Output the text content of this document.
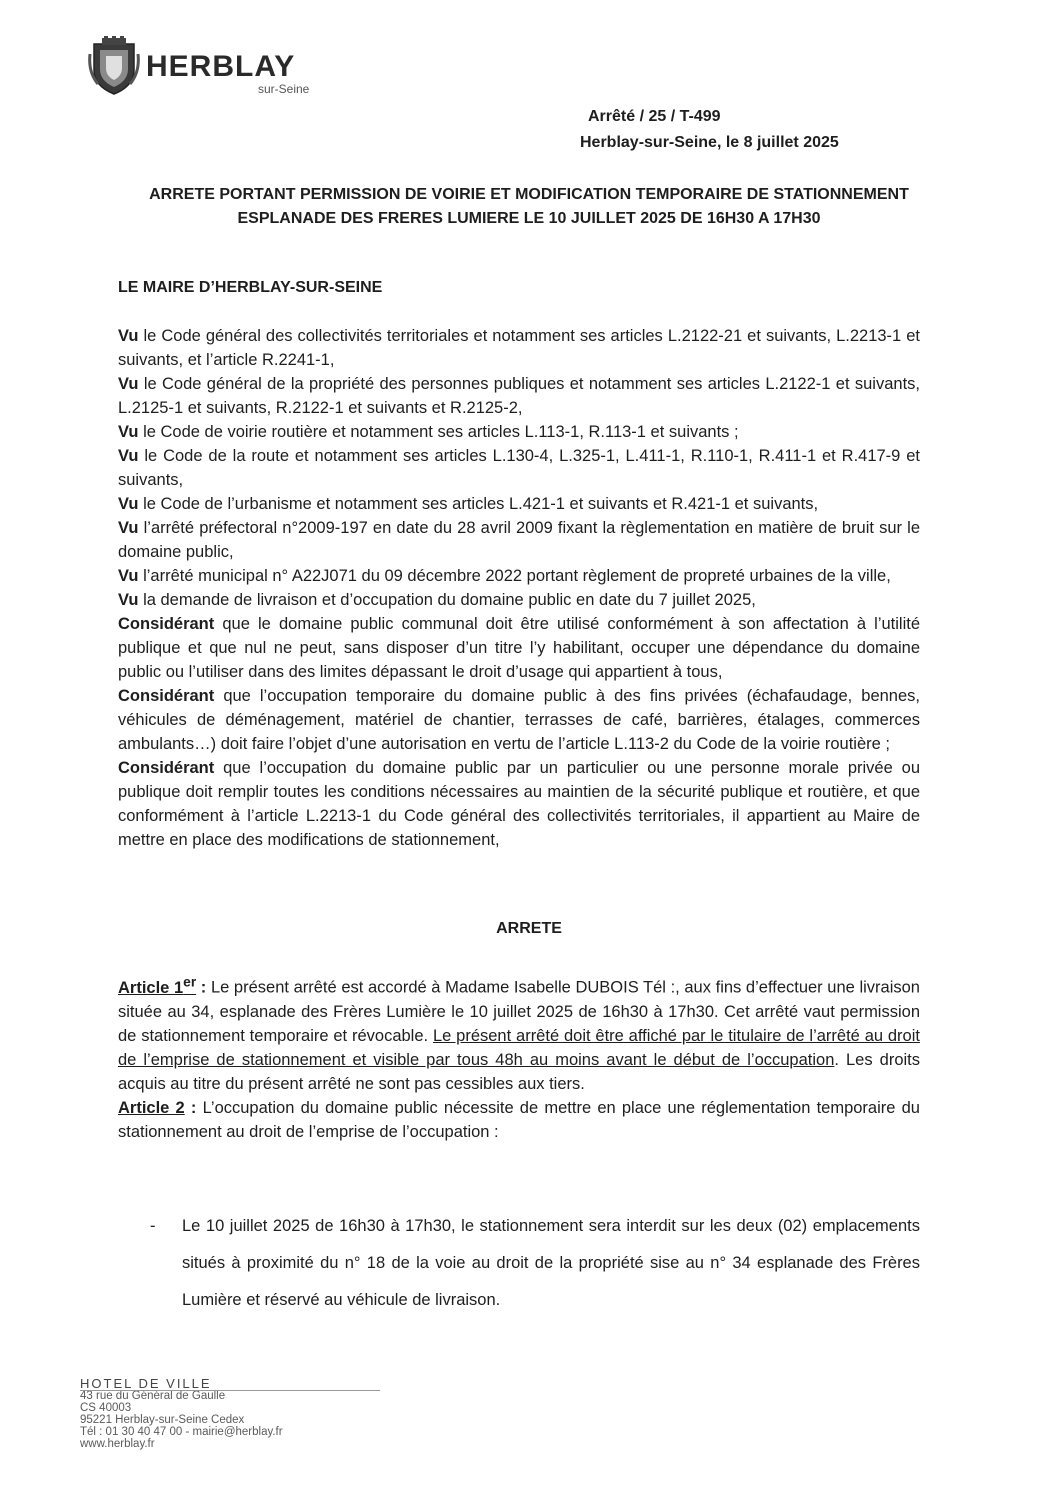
HERBLAY
sur-Seine
Arrêté / 25 / T-499
Herblay-sur-Seine, le 8 juillet 2025
ARRETE PORTANT PERMISSION DE VOIRIE ET MODIFICATION TEMPORAIRE DE STATIONNEMENT
ESPLANADE DES FRERES LUMIERE LE 10 JUILLET 2025 DE 16H30 A 17H30
LE MAIRE D’HERBLAY-SUR-SEINE

Vu le Code général des collectivités territoriales et notamment ses articles L.2122-21 et suivants, L.2213-1 et suivants, et l’article R.2241-1,

Vu le Code général de la propriété des personnes publiques et notamment ses articles L.2122-1 et suivants, L.2125-1 et suivants, R.2122-1 et suivants et R.2125-2,

Vu le Code de voirie routière et notamment ses articles L.113-1, R.113-1 et suivants ;

Vu le Code de la route et notamment ses articles L.130-4, L.325-1, L.411-1, R.110-1, R.411-1 et R.417-9 et suivants,

Vu le Code de l’urbanisme et notamment ses articles L.421-1 et suivants et R.421-1 et suivants,

Vu l’arrêté préfectoral n°2009-197 en date du 28 avril 2009 fixant la règlementation en matière de bruit sur le domaine public,

Vu l’arrêté municipal n° A22J071 du 09 décembre 2022 portant règlement de propreté urbaines de la ville,

Vu la demande de livraison et d’occupation du domaine public en date du 7 juillet 2025,

Considérant que le domaine public communal doit être utilisé conformément à son affectation à l’utilité publique et que nul ne peut, sans disposer d’un titre l’y habilitant, occuper une dépendance du domaine public ou l’utiliser dans des limites dépassant le droit d’usage qui appartient à tous,

Considérant que l’occupation temporaire du domaine public à des fins privées (échafaudage, bennes, véhicules de déménagement, matériel de chantier, terrasses de café, barrières, étalages, commerces ambulants…) doit faire l’objet d’une autorisation en vertu de l’article L.113-2 du Code de la voirie routière ;

Considérant que l’occupation du domaine public par un particulier ou une personne morale privée ou publique doit remplir toutes les conditions nécessaires au maintien de la sécurité publique et routière, et que conformément à l’article L.2213-1 du Code général des collectivités territoriales, il appartient au Maire de mettre en place des modifications de stationnement,

ARRETE

Article 1er : Le présent arrêté est accordé à Madame Isabelle DUBOIS Tél :, aux fins d’effectuer une livraison située au 34, esplanade des Frères Lumière le 10 juillet 2025 de 16h30 à 17h30. Cet arrêté vaut permission de stationnement temporaire et révocable. Le présent arrêté doit être affiché par le titulaire de l’arrêté au droit de l’emprise de stationnement et visible par tous 48h au moins avant le début de l’occupation. Les droits acquis au titre du présent arrêté ne sont pas cessibles aux tiers.

Article 2 : L’occupation du domaine public nécessite de mettre en place une réglementation temporaire du stationnement au droit de l’emprise de l’occupation :

- Le 10 juillet 2025 de 16h30 à 17h30, le stationnement sera interdit sur les deux (02) emplacements situés à proximité du n° 18 de la voie au droit de la propriété sise au n° 34 esplanade des Frères Lumière et réservé au véhicule de livraison.

HOTEL DE VILLE
43 rue du Général de Gaulle
CS 40003
95221 Herblay-sur-Seine Cedex
Tél : 01 30 40 47 00 - mairie@herblay.fr
www.herblay.fr
